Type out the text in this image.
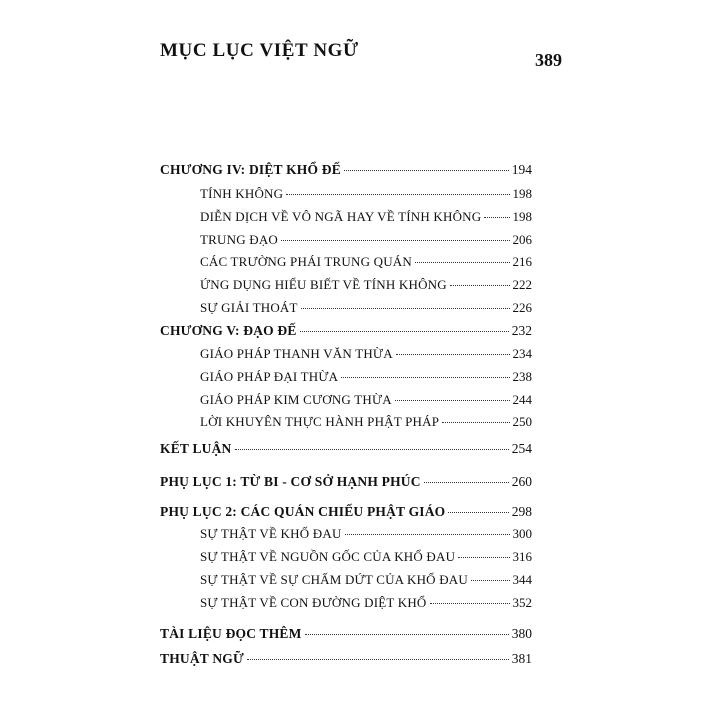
MỤC LỤC VIỆT NGỮ	389
CHƯƠNG IV: DIỆT KHỔ ĐẾ	194
TÍNH KHÔNG	198
DIỄN DỊCH VỀ VÔ NGÃ HAY VỀ TÍNH KHÔNG 198
TRUNG ĐẠO	206
CÁC TRƯỜNG PHÁI TRUNG QUÁN	216
ỨNG DỤNG HIỂU BIẾT VỀ TÍNH KHÔNG	222
SỰ GIẢI THOÁT	226
CHƯƠNG V: ĐẠO ĐẾ	232
GIÁO PHÁP THANH VĂN THỪA	234
GIÁO PHÁP ĐẠI THỪA	238
GIÁO PHÁP KIM CƯƠNG THỪA	244
LỜI KHUYÊN THỰC HÀNH PHẬT PHÁP	250
KẾT LUẬN	254
PHỤ LỤC 1: TỪ BI - CƠ SỞ HẠNH PHÚC	260
PHỤ LỤC 2: CÁC QUÁN CHIẾU PHẬT GIÁO	298
SỰ THẬT VỀ KHỔ ĐAU	300
SỰ THẬT VỀ NGUỒN GỐC CỦA KHỔ ĐAU	316
SỰ THẬT VỀ SỰ CHẤM DỨT CỦA KHỔ ĐAU	344
SỰ THẬT VỀ CON ĐƯỜNG DIỆT KHỔ	352
TÀI LIỆU ĐỌC THÊM	380
THUẬT NGỮ	381
